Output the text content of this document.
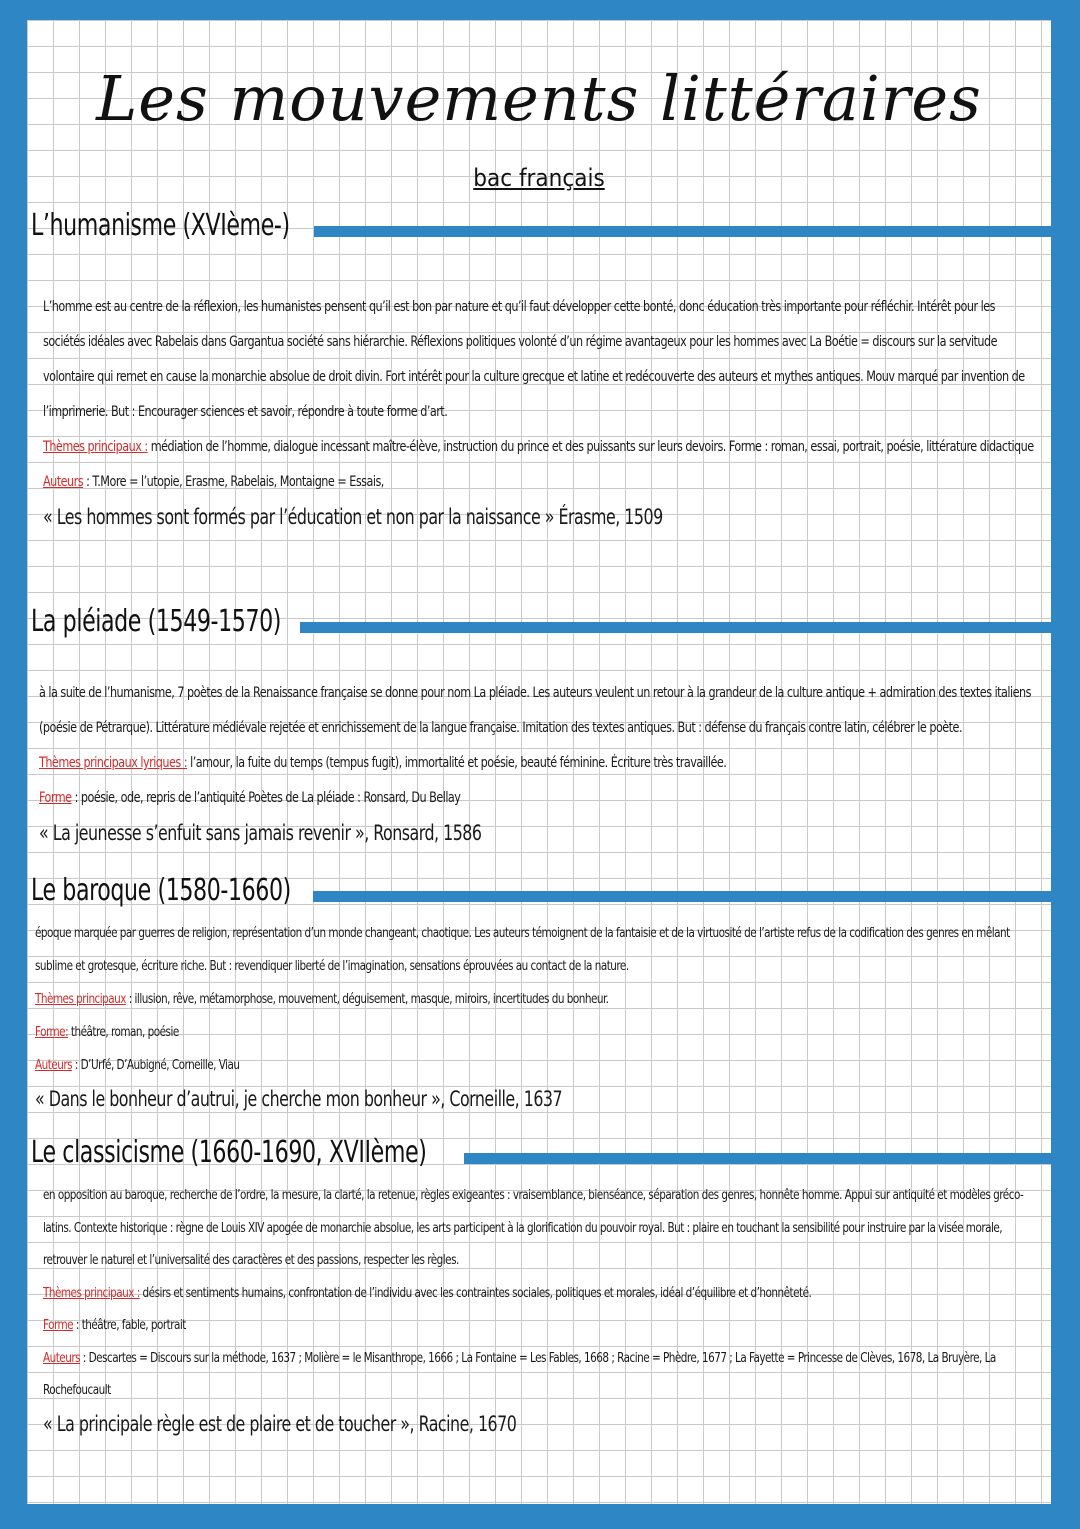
Les mouvements littéraires
bac français
L’humanisme (XVIème-)

L’homme est au centre de la réflexion, les humanistes pensent qu’il est bon par nature et qu’il faut développer cette bonté, donc éducation très importante pour réfléchir. Intérêt pour les sociétés idéales avec Rabelais dans Gargantua société sans hiérarchie. Réflexions politiques volonté d’un régime avantageux pour les hommes avec La Boétie = discours sur la servitude volontaire qui remet en cause la monarchie absolue de droit divin. Fort intérêt pour la culture grecque et latine et redécouverte des auteurs et mythes antiques. Mouv marqué par invention de l’imprimerie. But : Encourager sciences et savoir, répondre à toute forme d’art.

Thèmes principaux : médiation de l’homme, dialogue incessant maître-élève, instruction du prince et des puissants sur leurs devoirs. Forme : roman, essai, portrait, poésie, littérature didactique

Auteurs : T.More = l’utopie, Erasme, Rabelais, Montaigne = Essais,

« Les hommes sont formés par l’éducation et non par la naissance » Érasme, 1509

La pléiade (1549-1570)

à la suite de l’humanisme, 7 poètes de la Renaissance française se donne pour nom La pléiade. Les auteurs veulent un retour à la grandeur de la culture antique + admiration des textes italiens (poésie de Pétrarque). Littérature médiévale rejetée et enrichissement de la langue française. Imitation des textes antiques. But : défense du français contre latin, célébrer le poète.

Thèmes principaux lyriques : l’amour, la fuite du temps (tempus fugit), immortalité et poésie, beauté féminine. Écriture très travaillée.

Forme : poésie, ode, repris de l’antiquité Poètes de La pléiade : Ronsard, Du Bellay

« La jeunesse s’enfuit sans jamais revenir », Ronsard, 1586

Le baroque (1580-1660)

époque marquée par guerres de religion, représentation d’un monde changeant, chaotique. Les auteurs témoignent de la fantaisie et de la virtuosité de l’artiste refus de la codification des genres en mêlant sublime et grotesque, écriture riche. But : revendiquer liberté de l’imagination, sensations éprouvées au contact de la nature.

Thèmes principaux : illusion, rêve, métamorphose, mouvement, déguisement, masque, miroirs, incertitudes du bonheur.

Forme: théâtre, roman, poésie

Auteurs : D’Urfé, D’Aubigné, Corneille, Viau

« Dans le bonheur d’autrui, je cherche mon bonheur », Corneille, 1637

Le classicisme (1660-1690, XVIIème)

en opposition au baroque, recherche de l’ordre, la mesure, la clarté, la retenue, règles exigeantes : vraisemblance, bienséance, séparation des genres, honnête homme. Appui sur antiquité et modèles gréco-latins. Contexte historique : règne de Louis XIV apogée de monarchie absolue, les arts participent à la glorification du pouvoir royal. But : plaire en touchant la sensibilité pour instruire par la visée morale, retrouver le naturel et l’universalité des caractères et des passions, respecter les règles.

Thèmes principaux : désirs et sentiments humains, confrontation de l’individu avec les contraintes sociales, politiques et morales, idéal d’équilibre et d’honnêteté.

Forme : théâtre, fable, portrait

Auteurs : Descartes = Discours sur la méthode, 1637 ; Molière = le Misanthrope, 1666 ; La Fontaine = Les Fables, 1668 ; Racine = Phèdre, 1677 ; La Fayette = Princesse de Clèves, 1678, La Bruyère, La Rochefoucault

« La principale règle est de plaire et de toucher », Racine, 1670
